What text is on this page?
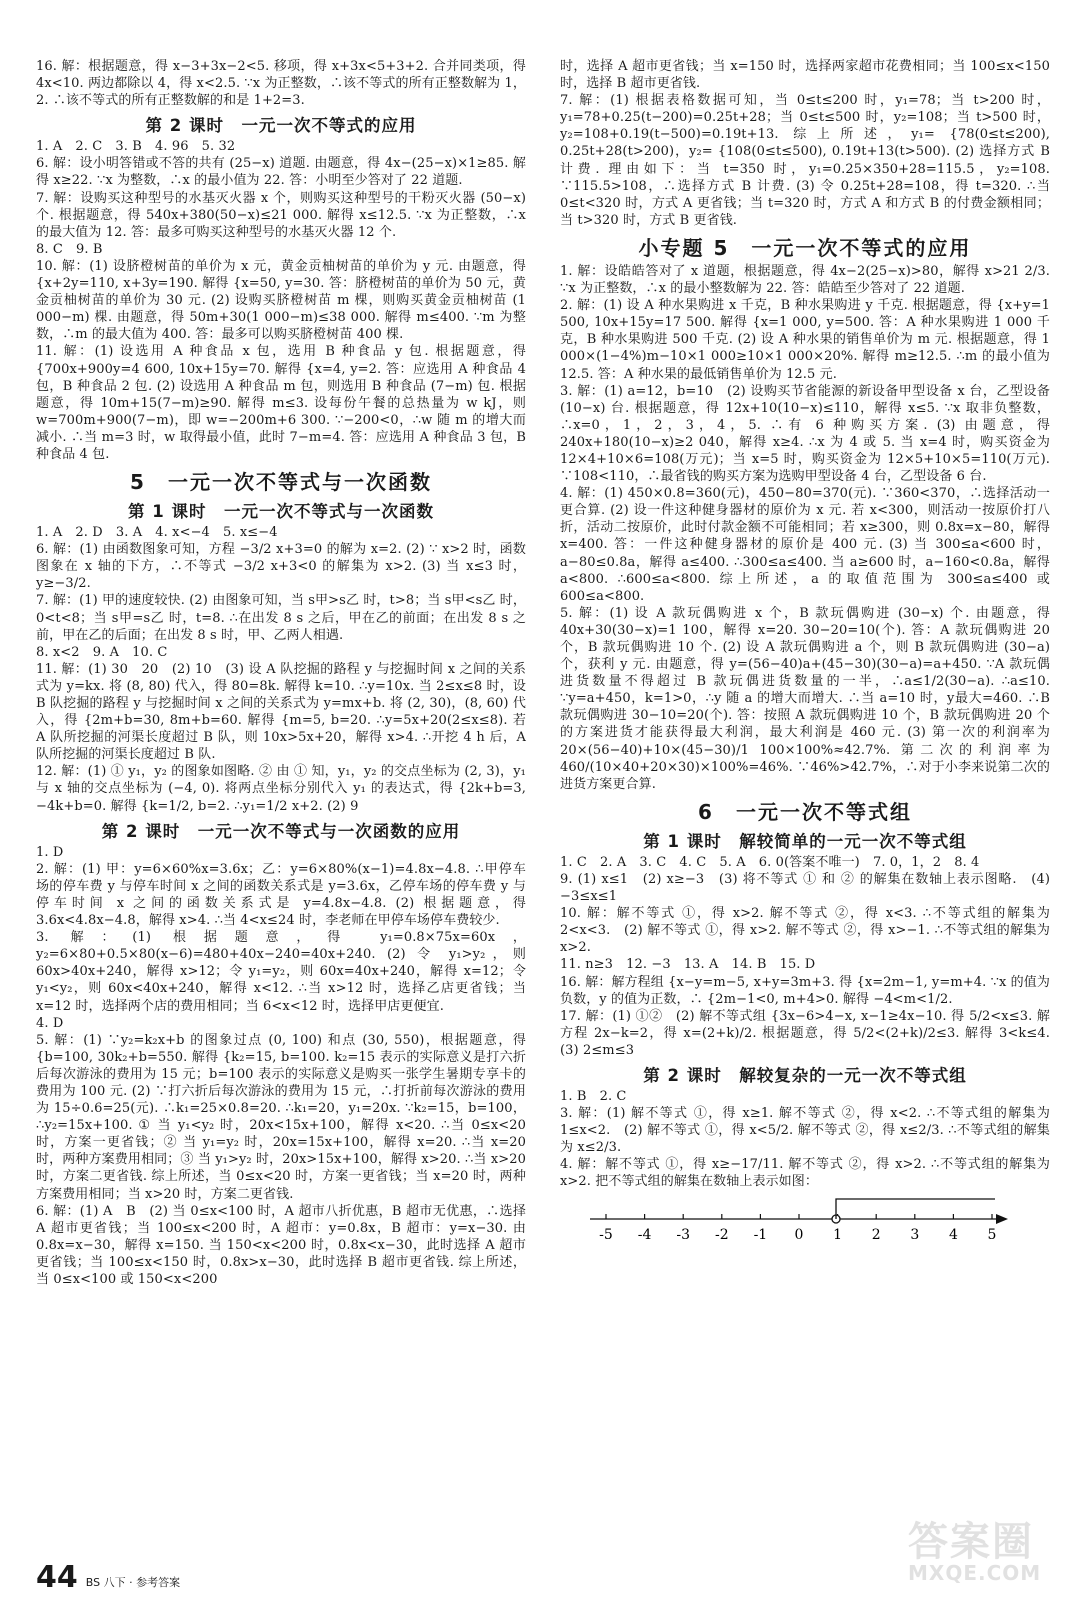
16. 解：根据题意，得 x−3+3x−2<5. 移项，得 x+3x<5+3+2. 合并同类项，得 4x<10. 两边都除以 4，得 x<2.5. ∵x 为正整数，∴该不等式的所有正整数解为 1，2. ∴该不等式的所有正整数解的和是 1+2=3.

第 2 课时　一元一次不等式的应用

1. A　2. C　3. B　4. 96　5. 32

6. 解：设小明答错或不答的共有 (25−x) 道题. 由题意，得 4x−(25−x)×1≥85. 解得 x≥22. ∵x 为整数，∴x 的最小值为 22. 答：小明至少答对了 22 道题.

7. 解：设购买这种型号的水基灭火器 x 个，则购买这种型号的干粉灭火器 (50−x) 个. 根据题意，得 540x+380(50−x)≤21 000. 解得 x≤12.5. ∵x 为正整数，∴x 的最大值为 12. 答：最多可购买这种型号的水基灭火器 12 个.

8. C　9. B

10. 解：(1) 设脐橙树苗的单价为 x 元，黄金贡柚树苗的单价为 y 元. 由题意，得 {x+2y=110, x+3y=190. 解得 {x=50, y=30. 答：脐橙树苗的单价为 50 元，黄金贡柚树苗的单价为 30 元. (2) 设购买脐橙树苗 m 棵，则购买黄金贡柚树苗 (1 000−m) 棵. 由题意，得 50m+30(1 000−m)≤38 000. 解得 m≤400. ∵m 为整数，∴m 的最大值为 400. 答：最多可以购买脐橙树苗 400 棵.

11. 解：(1) 设选用 A 种食品 x 包，选用 B 种食品 y 包. 根据题意，得 {700x+900y=4 600, 10x+15y=70. 解得 {x=4, y=2. 答：应选用 A 种食品 4 包，B 种食品 2 包. (2) 设选用 A 种食品 m 包，则选用 B 种食品 (7−m) 包. 根据题意，得 10m+15(7−m)≥90. 解得 m≤3. 设每份午餐的总热量为 w kJ，则 w=700m+900(7−m)，即 w=−200m+6 300. ∵−200<0，∴w 随 m 的增大而减小. ∴当 m=3 时，w 取得最小值，此时 7−m=4. 答：应选用 A 种食品 3 包，B 种食品 4 包.

5　一元一次不等式与一次函数
第 1 课时　一元一次不等式与一次函数

1. A　2. D　3. A　4. x<−4　5. x≤−4

6. 解：(1) 由函数图象可知，方程 −3/2 x+3=0 的解为 x=2. (2) ∵ x>2 时，函数图象在 x 轴的下方，∴不等式 −3/2 x+3<0 的解集为 x>2. (3) 当 x≤3 时，y≥−3/2.

7. 解：(1) 甲的速度较快. (2) 由图象可知，当 s甲>s乙 时，t>8；当 s甲<s乙 时，0<t<8；当 s甲=s乙 时，t=8. ∴在出发 8 s 之后，甲在乙的前面；在出发 8 s 之前，甲在乙的后面；在出发 8 s 时，甲、乙两人相遇.

8. x<2　9. A　10. C

11. 解：(1) 30　20　(2) 10　(3) 设 A 队挖掘的路程 y 与挖掘时间 x 之间的关系式为 y=kx. 将 (8, 80) 代入，得 80=8k. 解得 k=10. ∴y=10x. 当 2≤x≤8 时，设 B 队挖掘的路程 y 与挖掘时间 x 之间的关系式为 y=mx+b. 将 (2, 30)，(8, 60) 代入，得 {2m+b=30, 8m+b=60. 解得 {m=5, b=20. ∴y=5x+20(2≤x≤8). 若 A 队所挖掘的河渠长度超过 B 队，则 10x>5x+20，解得 x>4. ∴开挖 4 h 后，A 队所挖掘的河渠长度超过 B 队.

12. 解：(1) ① y₁，y₂ 的图象如图略. ② 由 ① 知，y₁，y₂ 的交点坐标为 (2, 3)，y₁ 与 x 轴的交点坐标为 (−4, 0). 将两点坐标分别代入 y₁ 的表达式，得 {2k+b=3, −4k+b=0. 解得 {k=1/2, b=2. ∴y₁=1/2 x+2. (2) 9

第 2 课时　一元一次不等式与一次函数的应用

1. D

2. 解：(1) 甲：y=6×60%x=3.6x；乙：y=6×80%(x−1)=4.8x−4.8. ∴甲停车场的停车费 y 与停车时间 x 之间的函数关系式是 y=3.6x，乙停车场的停车费 y 与停车时间 x 之间的函数关系式是 y=4.8x−4.8. (2) 根据题意，得 3.6x<4.8x−4.8，解得 x>4. ∴当 4<x≤24 时，李老师在甲停车场停车费较少.

3. 解：(1) 根据题意，得 y₁=0.8×75x=60x，y₂=6×80+0.5×80(x−6)=480+40x−240=40x+240. (2) 令 y₁>y₂，则 60x>40x+240，解得 x>12；令 y₁=y₂，则 60x=40x+240，解得 x=12；令 y₁<y₂，则 60x<40x+240，解得 x<12. ∴当 x>12 时，选择乙店更省钱；当 x=12 时，选择两个店的费用相同；当 6<x<12 时，选择甲店更便宜.

4. D

5. 解：(1) ∵y₂=k₂x+b 的图象过点 (0, 100) 和点 (30, 550)，根据题意，得 {b=100, 30k₂+b=550. 解得 {k₂=15, b=100. k₂=15 表示的实际意义是打六折后每次游泳的费用为 15 元；b=100 表示的实际意义是购买一张学生暑期专享卡的费用为 100 元. (2) ∵打六折后每次游泳的费用为 15 元，∴打折前每次游泳的费用为 15÷0.6=25(元). ∴k₁=25×0.8=20. ∴k₁=20，y₁=20x. ∵k₂=15，b=100，∴y₂=15x+100. ① 当 y₁<y₂ 时，20x<15x+100，解得 x<20. ∴当 0≤x<20 时，方案一更省钱；② 当 y₁=y₂ 时，20x=15x+100，解得 x=20. ∴当 x=20 时，两种方案费用相同；③ 当 y₁>y₂ 时，20x>15x+100，解得 x>20. ∴当 x>20 时，方案二更省钱. 综上所述，当 0≤x<20 时，方案一更省钱；当 x=20 时，两种方案费用相同；当 x>20 时，方案二更省钱.

6. 解：(1) A　B　(2) 当 0≤x<100 时，A 超市八折优惠，B 超市无优惠，∴选择 A 超市更省钱；当 100≤x<200 时，A 超市：y=0.8x，B 超市：y=x−30. 由 0.8x=x−30，解得 x=150. 当 150<x<200 时，0.8x<x−30，此时选择 A 超市更省钱；当 100≤x<150 时，0.8x>x−30，此时选择 B 超市更省钱. 综上所述，当 0≤x<100 或 150<x<200

时，选择 A 超市更省钱；当 x=150 时，选择两家超市花费相同；当 100≤x<150 时，选择 B 超市更省钱.

7. 解：(1) 根据表格数据可知，当 0≤t≤200 时，y₁=78；当 t>200 时，y₁=78+0.25(t−200)=0.25t+28；当 0≤t≤500 时，y₂=108；当 t>500 时，y₂=108+0.19(t−500)=0.19t+13. 综上所述，y₁= {78(0≤t≤200), 0.25t+28(t>200)，y₂= {108(0≤t≤500), 0.19t+13(t>500). (2) 选择方式 B 计费. 理由如下：当 t=350 时，y₁=0.25×350+28=115.5，y₂=108. ∵115.5>108，∴选择方式 B 计费. (3) 令 0.25t+28=108，得 t=320. ∴当 0≤t<320 时，方式 A 更省钱；当 t=320 时，方式 A 和方式 B 的付费金额相同；当 t>320 时，方式 B 更省钱.

小专题 5　一元一次不等式的应用

1. 解：设皓皓答对了 x 道题，根据题意，得 4x−2(25−x)>80，解得 x>21 2/3. ∵x 为正整数，∴x 的最小整数解为 22. 答：皓皓至少答对了 22 道题.

2. 解：(1) 设 A 种水果购进 x 千克，B 种水果购进 y 千克. 根据题意，得 {x+y=1 500, 10x+15y=17 500. 解得 {x=1 000, y=500. 答：A 种水果购进 1 000 千克，B 种水果购进 500 千克. (2) 设 A 种水果的销售单价为 m 元. 根据题意，得 1 000×(1−4%)m−10×1 000≥10×1 000×20%. 解得 m≥12.5. ∴m 的最小值为 12.5. 答：A 种水果的最低销售单价为 12.5 元.

3. 解：(1) a=12，b=10　(2) 设购买节省能源的新设备甲型设备 x 台，乙型设备 (10−x) 台. 根据题意，得 12x+10(10−x)≤110，解得 x≤5. ∵x 取非负整数，∴x=0，1，2，3，4，5. ∴有 6 种购买方案. (3) 由题意，得 240x+180(10−x)≥2 040，解得 x≥4. ∴x 为 4 或 5. 当 x=4 时，购买资金为 12×4+10×6=108(万元)；当 x=5 时，购买资金为 12×5+10×5=110(万元). ∵108<110，∴最省钱的购买方案为选购甲型设备 4 台，乙型设备 6 台.

4. 解：(1) 450×0.8=360(元)，450−80=370(元). ∵360<370，∴选择活动一更合算. (2) 设一件这种健身器材的原价为 x 元. 若 x<300，则活动一按原价打八折，活动二按原价，此时付款金额不可能相同；若 x≥300，则 0.8x=x−80，解得 x=400. 答：一件这种健身器材的原价是 400 元. (3) 当 300≤a<600 时，a−80≤0.8a，解得 a≤400. ∴300≤a≤400. 当 a≥600 时，a−160<0.8a，解得 a<800. ∴600≤a<800. 综上所述，a 的取值范围为 300≤a≤400 或 600≤a<800.

5. 解：(1) 设 A 款玩偶购进 x 个，B 款玩偶购进 (30−x) 个. 由题意，得 40x+30(30−x)=1 100，解得 x=20. 30−20=10(个). 答：A 款玩偶购进 20 个，B 款玩偶购进 10 个. (2) 设 A 款玩偶购进 a 个，则 B 款玩偶购进 (30−a) 个，获利 y 元. 由题意，得 y=(56−40)a+(45−30)(30−a)=a+450. ∵A 款玩偶进货数量不得超过 B 款玩偶进货数量的一半，∴a≤1/2(30−a). ∴a≤10. ∵y=a+450，k=1>0，∴y 随 a 的增大而增大. ∴当 a=10 时，y最大=460. ∴B 款玩偶购进 30−10=20(个). 答：按照 A 款玩偶购进 10 个，B 款玩偶购进 20 个的方案进货才能获得最大利润，最大利润是 460 元. (3) 第一次的利润率为 20×(56−40)+10×(45−30)/1 100×100%≈42.7%. 第二次的利润率为 460/(10×40+20×30)×100%=46%. ∵46%>42.7%，∴对于小李来说第二次的进货方案更合算.

6　一元一次不等式组
第 1 课时　解较简单的一元一次不等式组

1. C　2. A　3. C　4. C　5. A　6. 0(答案不唯一)　7. 0，1，2　8. 4

9. (1) x≤1　(2) x≥−3　(3) 将不等式 ① 和 ② 的解集在数轴上表示图略.　(4) −3≤x≤1

10. 解：解不等式 ①，得 x>2. 解不等式 ②，得 x<3. ∴不等式组的解集为 2<x<3.　(2) 解不等式 ①，得 x>2. 解不等式 ②，得 x>−1. ∴不等式组的解集为 x>2.

11. n≥3　12. −3　13. A　14. B　15. D

16. 解：解方程组 {x−y=m−5, x+y=3m+3. 得 {x=2m−1, y=m+4. ∵x 的值为负数，y 的值为正数，∴ {2m−1<0, m+4>0. 解得 −4<m<1/2.

17. 解：(1) ①②　(2) 解不等式组 {3x−6>4−x, x−1≥4x−10. 得 5/2<x≤3. 解方程 2x−k=2，得 x=(2+k)/2. 根据题意，得 5/2<(2+k)/2≤3. 解得 3<k≤4.　(3) 2≤m≤3

第 2 课时　解较复杂的一元一次不等式组

1. B　2. C

3. 解：(1) 解不等式 ①，得 x≥1. 解不等式 ②，得 x<2. ∴不等式组的解集为 1≤x<2.　(2) 解不等式 ①，得 x<5/2. 解不等式 ②，得 x≤2/3. ∴不等式组的解集为 x≤2/3.

4. 解：解不等式 ①，得 x≥−17/11. 解不等式 ②，得 x>2. ∴不等式组的解集为 x>2. 把不等式组的解集在数轴上表示如图：

-5 -4 -3 -2 -1 0 1 2 3 4 5
44 BS 八下 · 参考答案
答案圈
MXQE.COM
